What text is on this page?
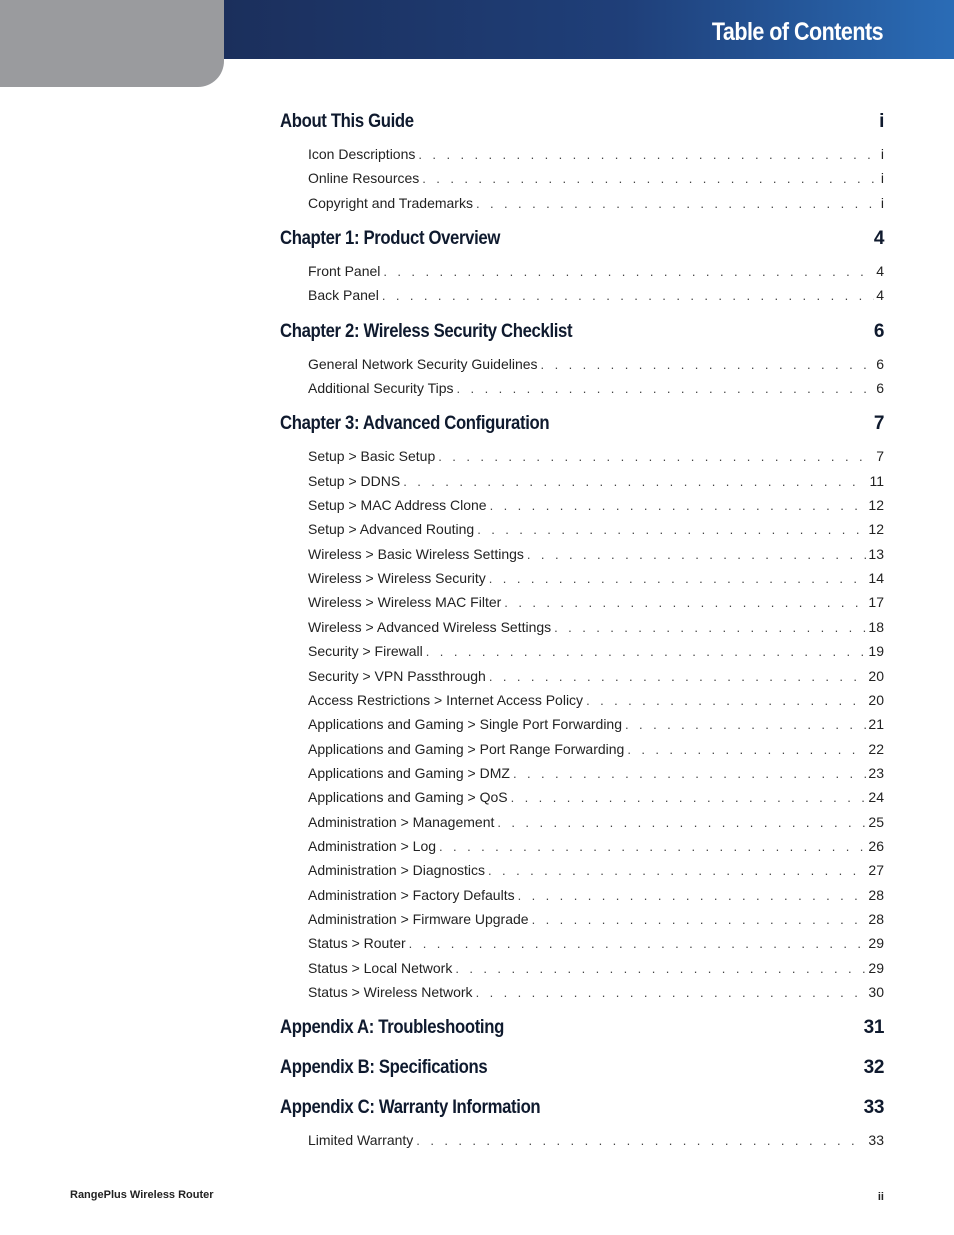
Table of Contents
About This Guide	i
Icon Descriptions . . .	i
Online Resources . . .	i
Copyright and Trademarks . . .	i
Chapter 1: Product Overview	4
Front Panel . . .	4
Back Panel . . .	4
Chapter 2: Wireless Security Checklist	6
General Network Security Guidelines . . .	6
Additional Security Tips . . .	6
Chapter 3: Advanced Configuration	7
Setup > Basic Setup . . .	7
Setup > DDNS . . .	11
Setup > MAC Address Clone . . .	12
Setup > Advanced Routing . . .	12
Wireless > Basic Wireless Settings . . .	13
Wireless > Wireless Security . . .	14
Wireless > Wireless MAC Filter . . .	17
Wireless > Advanced Wireless Settings . . .	18
Security > Firewall . . .	19
Security > VPN Passthrough . . .	20
Access Restrictions > Internet Access Policy . . .	20
Applications and Gaming > Single Port Forwarding . . .	21
Applications and Gaming > Port Range Forwarding . . .	22
Applications and Gaming > DMZ . . .	23
Applications and Gaming > QoS . . .	24
Administration > Management . . .	25
Administration > Log . . .	26
Administration > Diagnostics . . .	27
Administration > Factory Defaults . . .	28
Administration > Firmware Upgrade . . .	28
Status > Router . . .	29
Status > Local Network . . .	29
Status > Wireless Network . . .	30
Appendix A: Troubleshooting	31
Appendix B: Specifications	32
Appendix C: Warranty Information	33
Limited Warranty . . .	33
RangePlus Wireless Router	ii
